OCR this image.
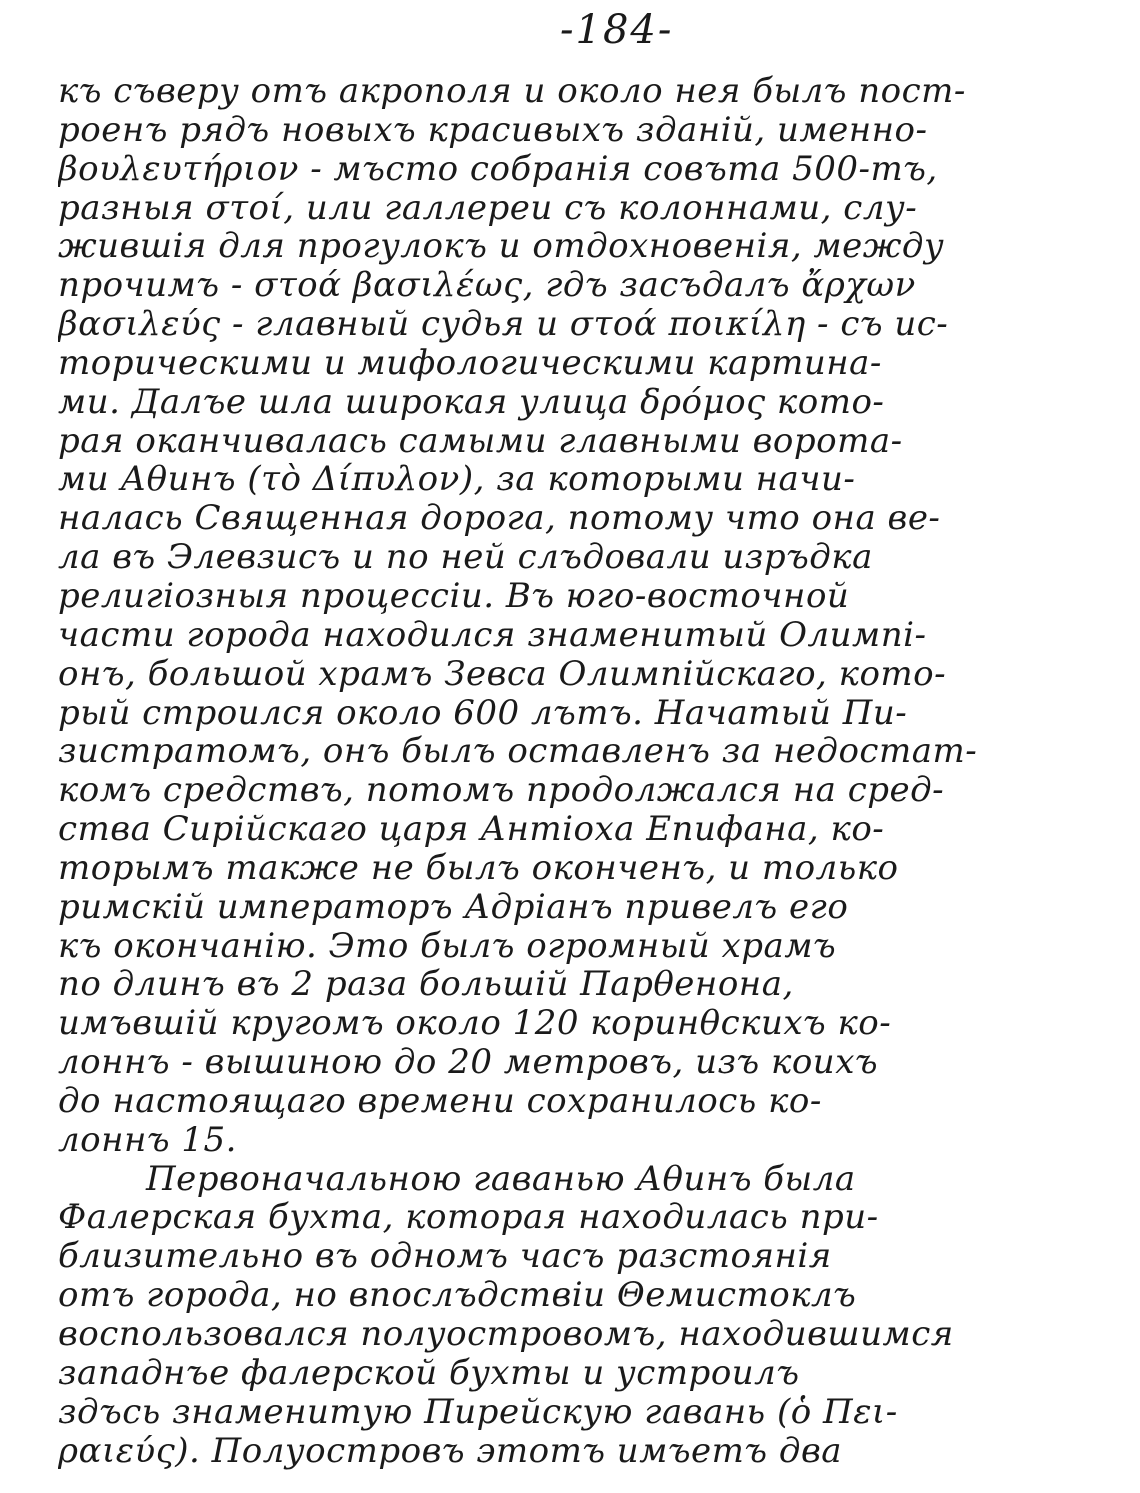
-184-
къ съверу отъ акрополя и около нея былъ пост-
роенъ рядъ новыхъ красивыхъ зданій, именно-
βουλευτήριον - мъсто собранія совъта 500-тъ,
разныя στοί, или галлереи съ колоннами, слу-
жившія для прогулокъ и отдохновенія, между
прочимъ - στοά βασιλέως, гдъ засъдалъ ἄρχων
βασιλεύς - главный судья и στοά ποικίλη - съ ис-
торическими и мифологическими картина-
ми. Далъе шла широкая улица δρόμος кото-
рая оканчивалась самыми главными ворота-
ми Аθинъ (τὸ Δίπυλον), за которыми начи-
налась Священная дорога, потому что она ве-
ла въ Элевзисъ и по ней слъдовали изръдка
религіозныя процессіи. Въ юго-восточной
части города находился знаменитый Олимпі-
онъ, большой храмъ Зевса Олимпійскаго, кото-
рый строился около 600 лътъ. Начатый Пи-
зистратомъ, онъ былъ оставленъ за недостат-
комъ средствъ, потомъ продолжался на сред-
ства Сирійскаго царя Антіоха Епифана, ко-
торымъ также не былъ оконченъ, и только
римскій императоръ Адріанъ привелъ его
къ окончанію. Это былъ огромный храмъ
по длинъ въ 2 раза большій Парθенона,
имъвшій кругомъ около 120 коринθскихъ ко-
лоннъ - вышиною до 20 метровъ, изъ коихъ
до настоящаго времени сохранилось ко-
лоннъ 15.
Первоначальною гаванью Аθинъ была
Фалерская бухта, которая находилась при-
близительно въ одномъ часъ разстоянія
отъ города, но впослъдствіи Θемистоклъ
воспользовался полуостровомъ, находившимся
западнъе фалерской бухты и устроилъ
здъсь знаменитую Пирейскую гавань (ὁ Πει-
ραιεύς). Полуостровъ этотъ имъетъ два
